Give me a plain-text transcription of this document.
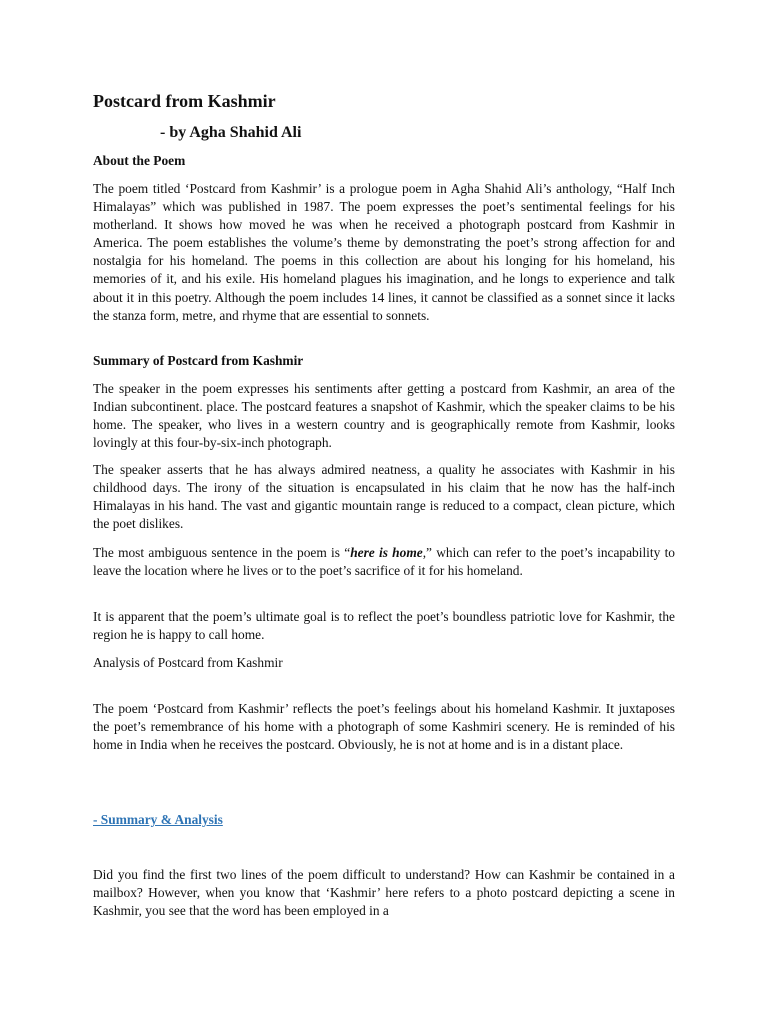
Postcard from Kashmir
- by Agha Shahid Ali
About the Poem

The poem titled ‘Postcard from Kashmir’ is a prologue poem in Agha Shahid Ali’s anthology, “Half Inch Himalayas” which was published in 1987. The poem expresses the poet’s sentimental feelings for his motherland. It shows how moved he was when he received a photograph postcard from Kashmir in America. The poem establishes the volume’s theme by demonstrating the poet’s strong affection for and nostalgia for his homeland. The poems in this collection are about his longing for his homeland, his memories of it, and his exile. His homeland plagues his imagination, and he longs to experience and talk about it in this poetry. Although the poem includes 14 lines, it cannot be classified as a sonnet since it lacks the stanza form, metre, and rhyme that are essential to sonnets.

Summary of Postcard from Kashmir

The speaker in the poem expresses his sentiments after getting a postcard from Kashmir, an area of the Indian subcontinent. place. The postcard features a snapshot of Kashmir, which the speaker claims to be his home. The speaker, who lives in a western country and is geographically remote from Kashmir, looks lovingly at this four-by-six-inch photograph.

The speaker asserts that he has always admired neatness, a quality he associates with Kashmir in his childhood days. The irony of the situation is encapsulated in his claim that he now has the half-inch Himalayas in his hand. The vast and gigantic mountain range is reduced to a compact, clean picture, which the poet dislikes.

The most ambiguous sentence in the poem is “here is home,” which can refer to the poet’s incapability to leave the location where he lives or to the poet’s sacrifice of it for his homeland.

It is apparent that the poem’s ultimate goal is to reflect the poet’s boundless patriotic love for Kashmir, the region he is happy to call home.

Analysis of Postcard from Kashmir

The poem ‘Postcard from Kashmir’ reflects the poet’s feelings about his homeland Kashmir. It juxtaposes the poet’s remembrance of his home with a photograph of some Kashmiri scenery. He is reminded of his home in India when he receives the postcard. Obviously, he is not at home and is in a distant place.

- Summary & Analysis

Did you find the first two lines of the poem difficult to understand? How can Kashmir be contained in a mailbox? However, when you know that ‘Kashmir’ here refers to a photo postcard depicting a scene in Kashmir, you see that the word has been employed in a
